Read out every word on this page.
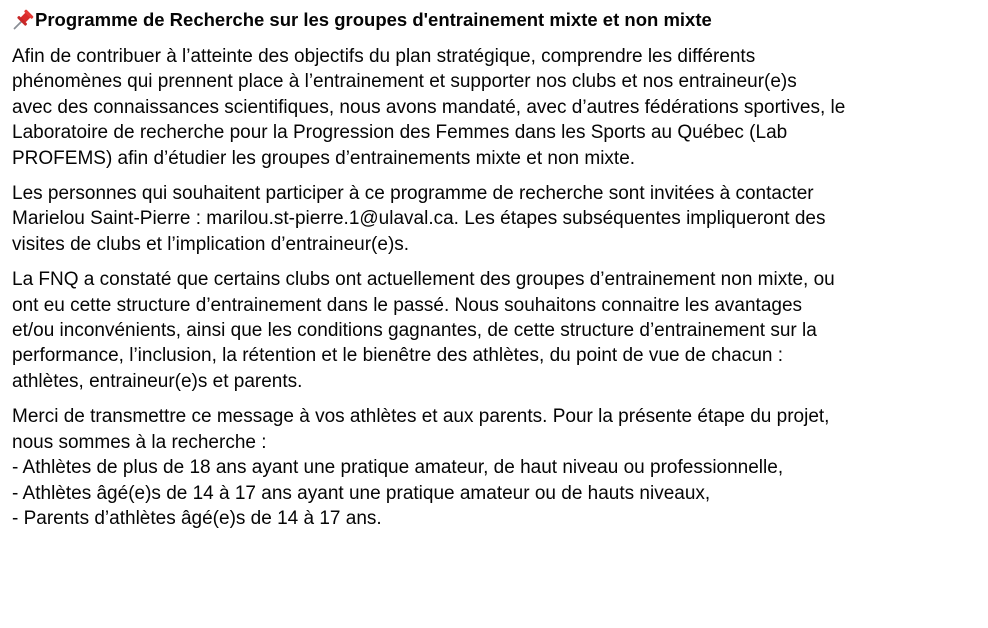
Programme de Recherche sur les groupes d'entrainement mixte et non mixte
Afin de contribuer à l’atteinte des objectifs du plan stratégique, comprendre les différents
phénomènes qui prennent place à l’entrainement et supporter nos clubs et nos entraineur(e)s
avec des connaissances scientifiques, nous avons mandaté, avec d’autres fédérations sportives, le
Laboratoire de recherche pour la Progression des Femmes dans les Sports au Québec (Lab
PROFEMS) afin d’étudier les groupes d’entrainements mixte et non mixte.
Les personnes qui souhaitent participer à ce programme de recherche sont invitées à contacter
Marielou Saint-Pierre : marilou.st-pierre.1@ulaval.ca. Les étapes subséquentes impliqueront des
visites de clubs et l’implication d’entraineur(e)s.
La FNQ a constaté que certains clubs ont actuellement des groupes d’entrainement non mixte, ou
ont eu cette structure d’entrainement dans le passé. Nous souhaitons connaitre les avantages
et/ou inconvénients, ainsi que les conditions gagnantes, de cette structure d’entrainement sur la
performance, l’inclusion, la rétention et le bienêtre des athlètes, du point de vue de chacun :
athlètes, entraineur(e)s et parents.
Merci de transmettre ce message à vos athlètes et aux parents. Pour la présente étape du projet,
nous sommes à la recherche :
- Athlètes de plus de 18 ans ayant une pratique amateur, de haut niveau ou professionnelle,
- Athlètes âgé(e)s de 14 à 17 ans ayant une pratique amateur ou de hauts niveaux,
- Parents d’athlètes âgé(e)s de 14 à 17 ans.
